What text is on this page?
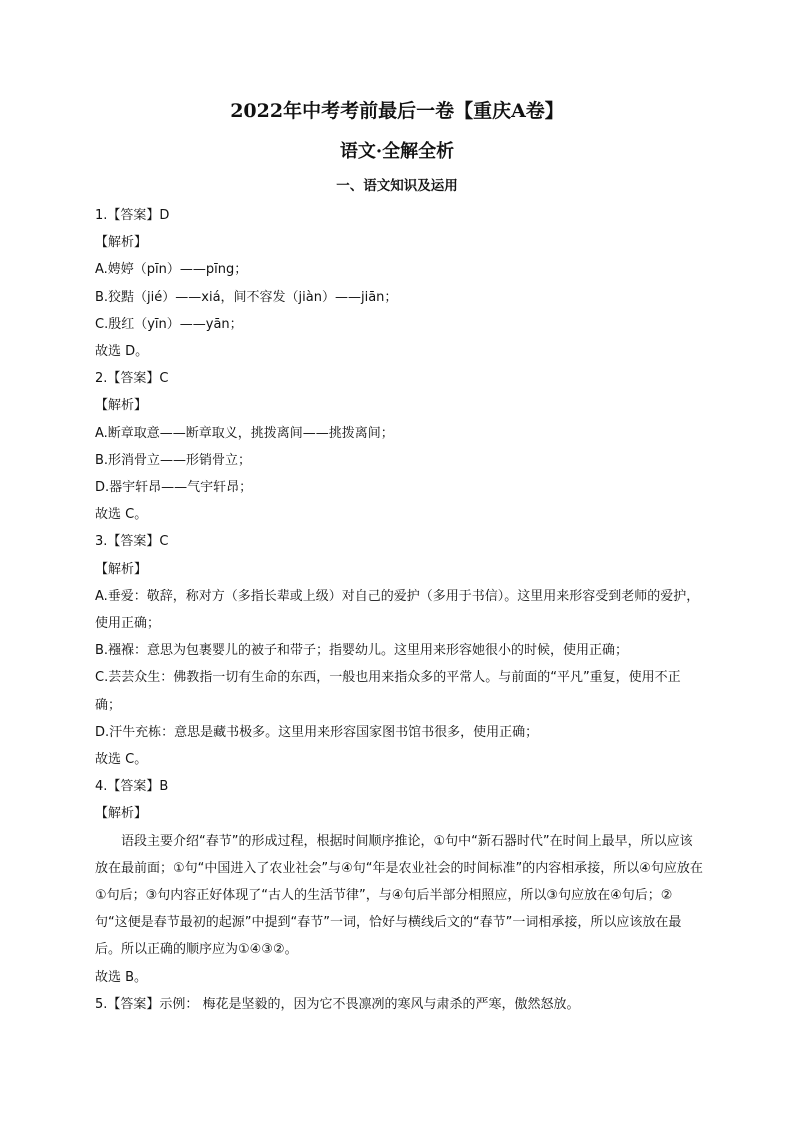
2022年中考考前最后一卷【重庆A卷】
语文·全解全析
一、语文知识及运用

1.【答案】D

【解析】

A.娉婷（pīn）——pīng；

B.狡黠（jié）——xiá，间不容发（jiàn）——jiān；

C.殷红（yīn）——yān；

故选 D。

2.【答案】C

【解析】

A.断章取意——断章取义，挑拨离间——挑拨离间；

B.形消骨立——形销骨立；

D.器宇轩昂——气宇轩昂；

故选 C。

3.【答案】C

【解析】

A.垂爱：敬辞，称对方（多指长辈或上级）对自己的爱护（多用于书信）。这里用来形容受到老师的爱护，使用正确；

B.襁褓：意思为包裹婴儿的被子和带子；指婴幼儿。这里用来形容她很小的时候，使用正确；

C.芸芸众生：佛教指一切有生命的东西，一般也用来指众多的平常人。与前面的“平凡”重复，使用不正确；

D.汗牛充栋：意思是藏书极多。这里用来形容国家图书馆书很多，使用正确；

故选 C。

4.【答案】B

【解析】

语段主要介绍“春节”的形成过程，根据时间顺序推论，①句中“新石器时代”在时间上最早，所以应该放在最前面；①句“中国进入了农业社会”与④句“年是农业社会的时间标准”的内容相承接，所以④句应放在①句后；③句内容正好体现了“古人的生活节律”，与④句后半部分相照应，所以③句应放在④句后；②句“这便是春节最初的起源”中提到“春节”一词，恰好与横线后文的“春节”一词相承接，所以应该放在最后。所以正确的顺序应为①④③②。

故选 B。

5.【答案】示例： 梅花是坚毅的，因为它不畏凛冽的寒风与肃杀的严寒，傲然怒放。
